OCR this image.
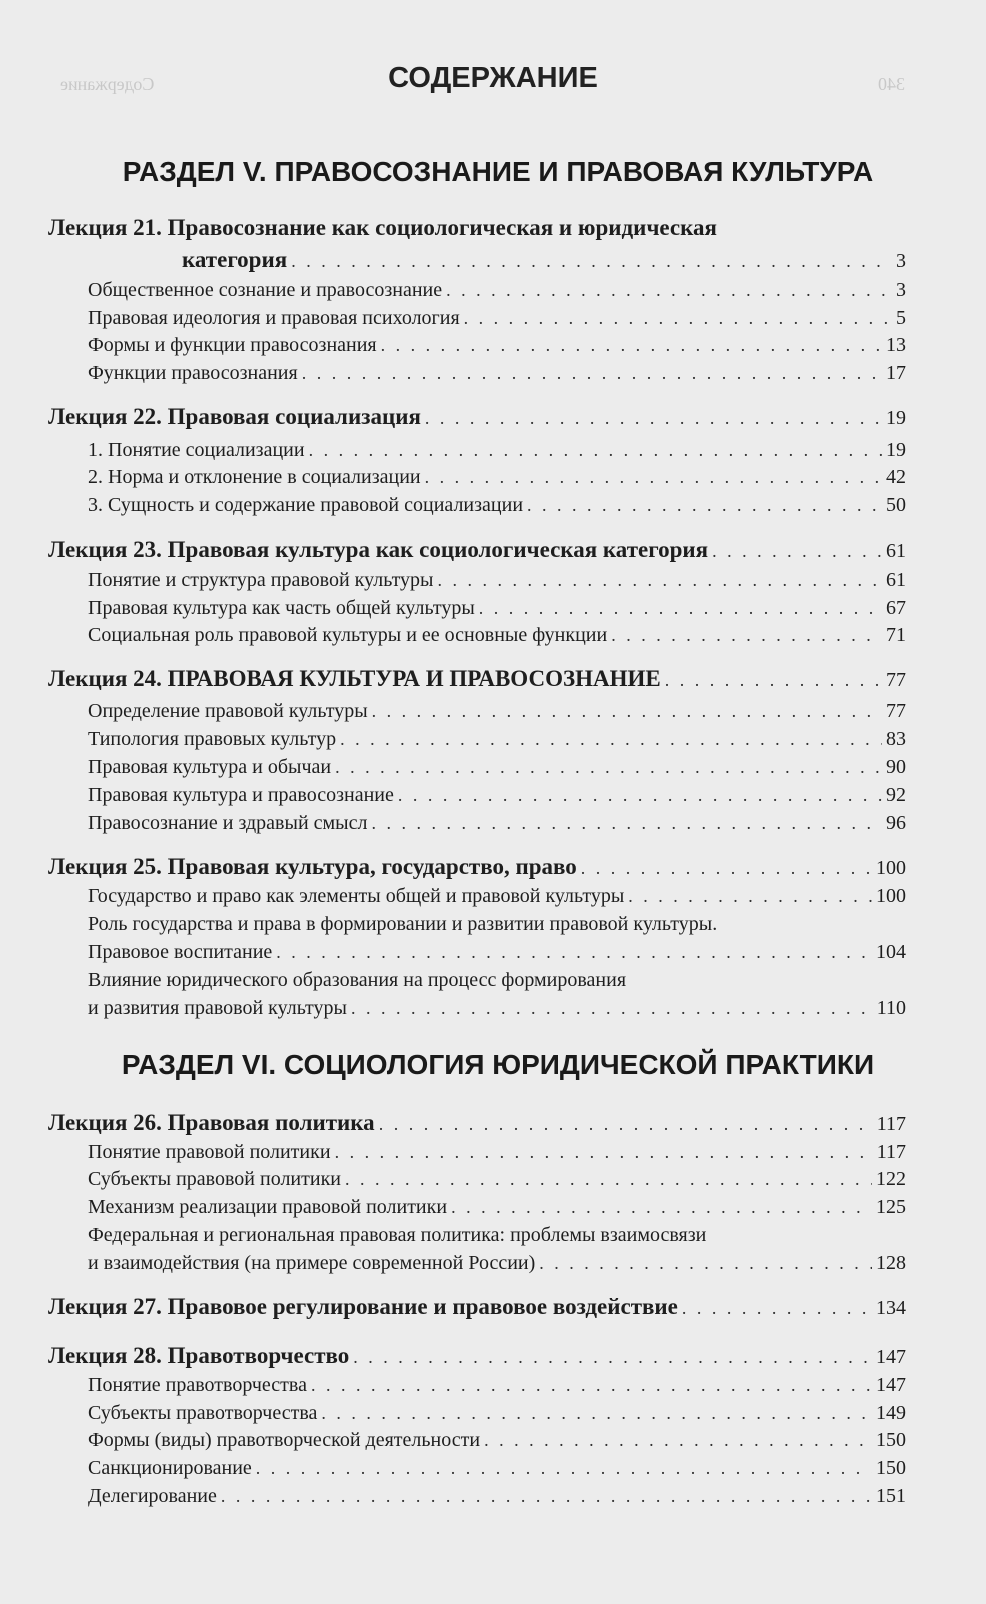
Содержание	340
СОДЕРЖАНИЕ
РАЗДЕЛ V. ПРАВОСОЗНАНИЕ И ПРАВОВАЯ КУЛЬТУРА
Лекция 21. Правосознание как социологическая и юридическая
категория . . .	3
Общественное сознание и правосознание . . .	3
Правовая идеология и правовая психология . . .	5
Формы и функции правосознания . . .	13
Функции правосознания . . .	17
Лекция 22. Правовая социализация . . .	19
1. Понятие социализации . . .	19
2. Норма и отклонение в социализации . . .	42
3. Сущность и содержание правовой социализации . . .	50
Лекция 23. Правовая культура как социологическая категория . . .	61
Понятие и структура правовой культуры . . .	61
Правовая культура как часть общей культуры . . .	67
Социальная роль правовой культуры и ее основные функции . . .	71
Лекция 24. ПРАВОВАЯ КУЛЬТУРА И ПРАВОСОЗНАНИЕ . . .	77
Определение правовой культуры . . .	77
Типология правовых культур . . .	83
Правовая культура и обычаи . . .	90
Правовая культура и правосознание . . .	92
Правосознание и здравый смысл . . .	96
Лекция 25. Правовая культура, государство, право . . .	100
Государство и право как элементы общей и правовой культуры . . .	100
Роль государства и права в формировании и развитии правовой культуры.
Правовое воспитание . . .	104
Влияние юридического образования на процесс формирования
и развития правовой культуры . . .	110
РАЗДЕЛ VI. СОЦИОЛОГИЯ ЮРИДИЧЕСКОЙ ПРАКТИКИ
Лекция 26. Правовая политика . . .	117
Понятие правовой политики . . .	117
Субъекты правовой политики . . .	122
Механизм реализации правовой политики . . .	125
Федеральная и региональная правовая политика: проблемы взаимосвязи
и взаимодействия (на примере современной России) . . .	128
Лекция 27. Правовое регулирование и правовое воздействие . . .	134
Лекция 28. Правотворчество . . .	147
Понятие правотворчества . . .	147
Субъекты правотворчества . . .	149
Формы (виды) правотворческой деятельности . . .	150
Санкционирование . . .	150
Делегирование . . .	151
